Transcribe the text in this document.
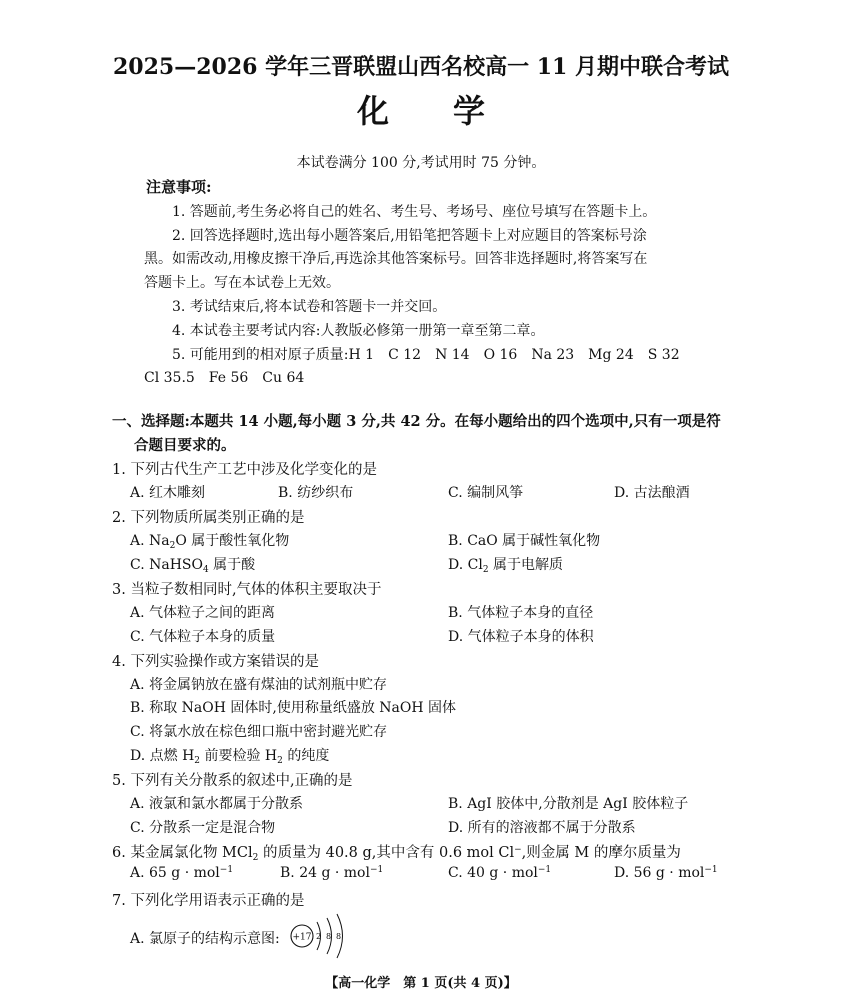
2025—2026 学年三晋联盟山西名校高一 11 月期中联合考试
化学
本试卷满分 100 分,考试用时 75 分钟。
注意事项:
1. 答题前,考生务必将自己的姓名、考生号、考场号、座位号填写在答题卡上。
2. 回答选择题时,选出每小题答案后,用铅笔把答题卡上对应题目的答案标号涂
黑。如需改动,用橡皮擦干净后,再选涂其他答案标号。回答非选择题时,将答案写在
答题卡上。写在本试卷上无效。
3. 考试结束后,将本试卷和答题卡一并交回。
4. 本试卷主要考试内容:人教版必修第一册第一章至第二章。
5. 可能用到的相对原子质量:H 1　C 12　N 14　O 16　Na 23　Mg 24　S 32
Cl 35.5　Fe 56　Cu 64
一、选择题:本题共 14 小题,每小题 3 分,共 42 分。在每小题给出的四个选项中,只有一项是符
合题目要求的。
1. 下列古代生产工艺中涉及化学变化的是
A. 红木雕刻	B. 纺纱织布	C. 编制风筝	D. 古法酿酒
2. 下列物质所属类别正确的是
A. $Na_2O$ 属于酸性氧化物	B. CaO 属于碱性氧化物
C. NaHSO$_4$ 属于酸	D. $Cl_2$ 属于电解质
3. 当粒子数相同时,气体的体积主要取决于
A. 气体粒子之间的距离	B. 气体粒子本身的直径
C. 气体粒子本身的质量	D. 气体粒子本身的体积
4. 下列实验操作或方案错误的是
A. 将金属钠放在盛有煤油的试剂瓶中贮存
B. 称取 NaOH 固体时,使用称量纸盛放 NaOH 固体
C. 将氯水放在棕色细口瓶中密封避光贮存
D. 点燃 $H_2$ 前要检验 $H_2$ 的纯度
5. 下列有关分散系的叙述中,正确的是
A. 液氯和氯水都属于分散系	B. AgI 胶体中,分散剂是 AgI 胶体粒子
C. 分散系一定是混合物	D. 所有的溶液都不属于分散系
6. 某金属氯化物 MCl$_2$ 的质量为 40.8 g,其中含有 0.6 mol Cl−,则金属 M 的摩尔质量为
A. 65 g · mol$^{-1}$	B. 24 g · mol$^{-1}$	C. 40 g · mol$^{-1}$	D. 56 g · mol$^{-1}$
7. 下列化学用语表示正确的是
A. 氯原子的结构示意图: +17 2 8 8
【高一化学　第 1 页(共 4 页)】
